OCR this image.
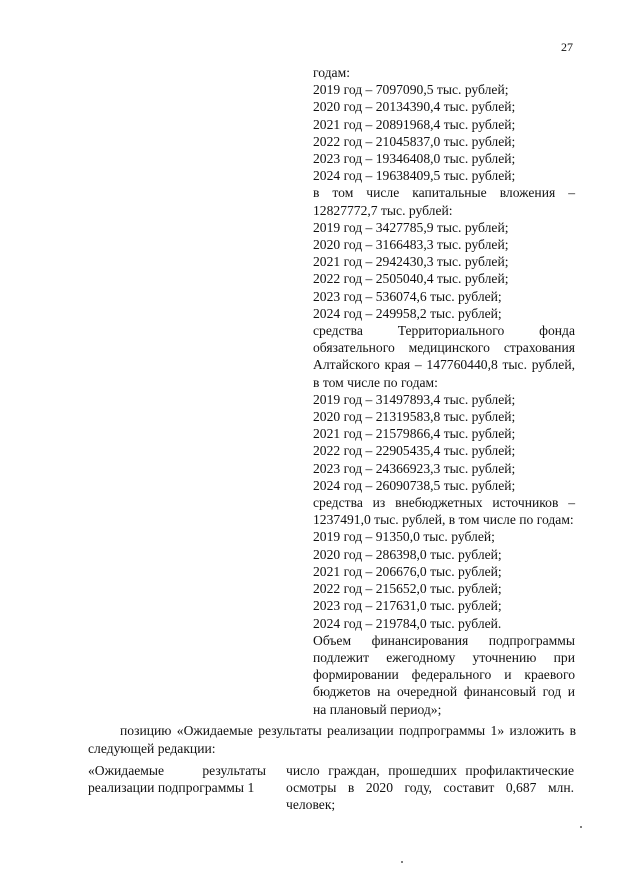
27
годам:
2019 год – 7097090,5 тыс. рублей;
2020 год – 20134390,4 тыс. рублей;
2021 год – 20891968,4 тыс. рублей;
2022 год – 21045837,0 тыс. рублей;
2023 год – 19346408,0 тыс. рублей;
2024 год – 19638409,5 тыс. рублей;
в том числе капитальные вложения – 12827772,7 тыс. рублей:
2019 год – 3427785,9 тыс. рублей;
2020 год – 3166483,3 тыс. рублей;
2021 год – 2942430,3 тыс. рублей;
2022 год – 2505040,4 тыс. рублей;
2023 год – 536074,6 тыс. рублей;
2024 год – 249958,2 тыс. рублей;
средства Территориального фонда обязательного медицинского страхования Алтайского края – 147760440,8 тыс. рублей, в том числе по годам:
2019 год – 31497893,4 тыс. рублей;
2020 год – 21319583,8 тыс. рублей;
2021 год – 21579866,4 тыс. рублей;
2022 год – 22905435,4 тыс. рублей;
2023 год – 24366923,3 тыс. рублей;
2024 год – 26090738,5 тыс. рублей;
средства из внебюджетных источников – 1237491,0 тыс. рублей, в том числе по годам:
2019 год – 91350,0 тыс. рублей;
2020 год – 286398,0 тыс. рублей;
2021 год – 206676,0 тыс. рублей;
2022 год – 215652,0 тыс. рублей;
2023 год – 217631,0 тыс. рублей;
2024 год – 219784,0 тыс. рублей.
Объем финансирования подпрограммы подлежит ежегодному уточнению при формировании федерального и краевого бюджетов на очередной финансовый год и на плановый период»;
позицию «Ожидаемые результаты реализации подпрограммы 1» изложить в следующей редакции:
«Ожидаемые результаты реализации подпрограммы 1
число граждан, прошедших профилактические осмотры в 2020 году, составит 0,687 млн. человек;
